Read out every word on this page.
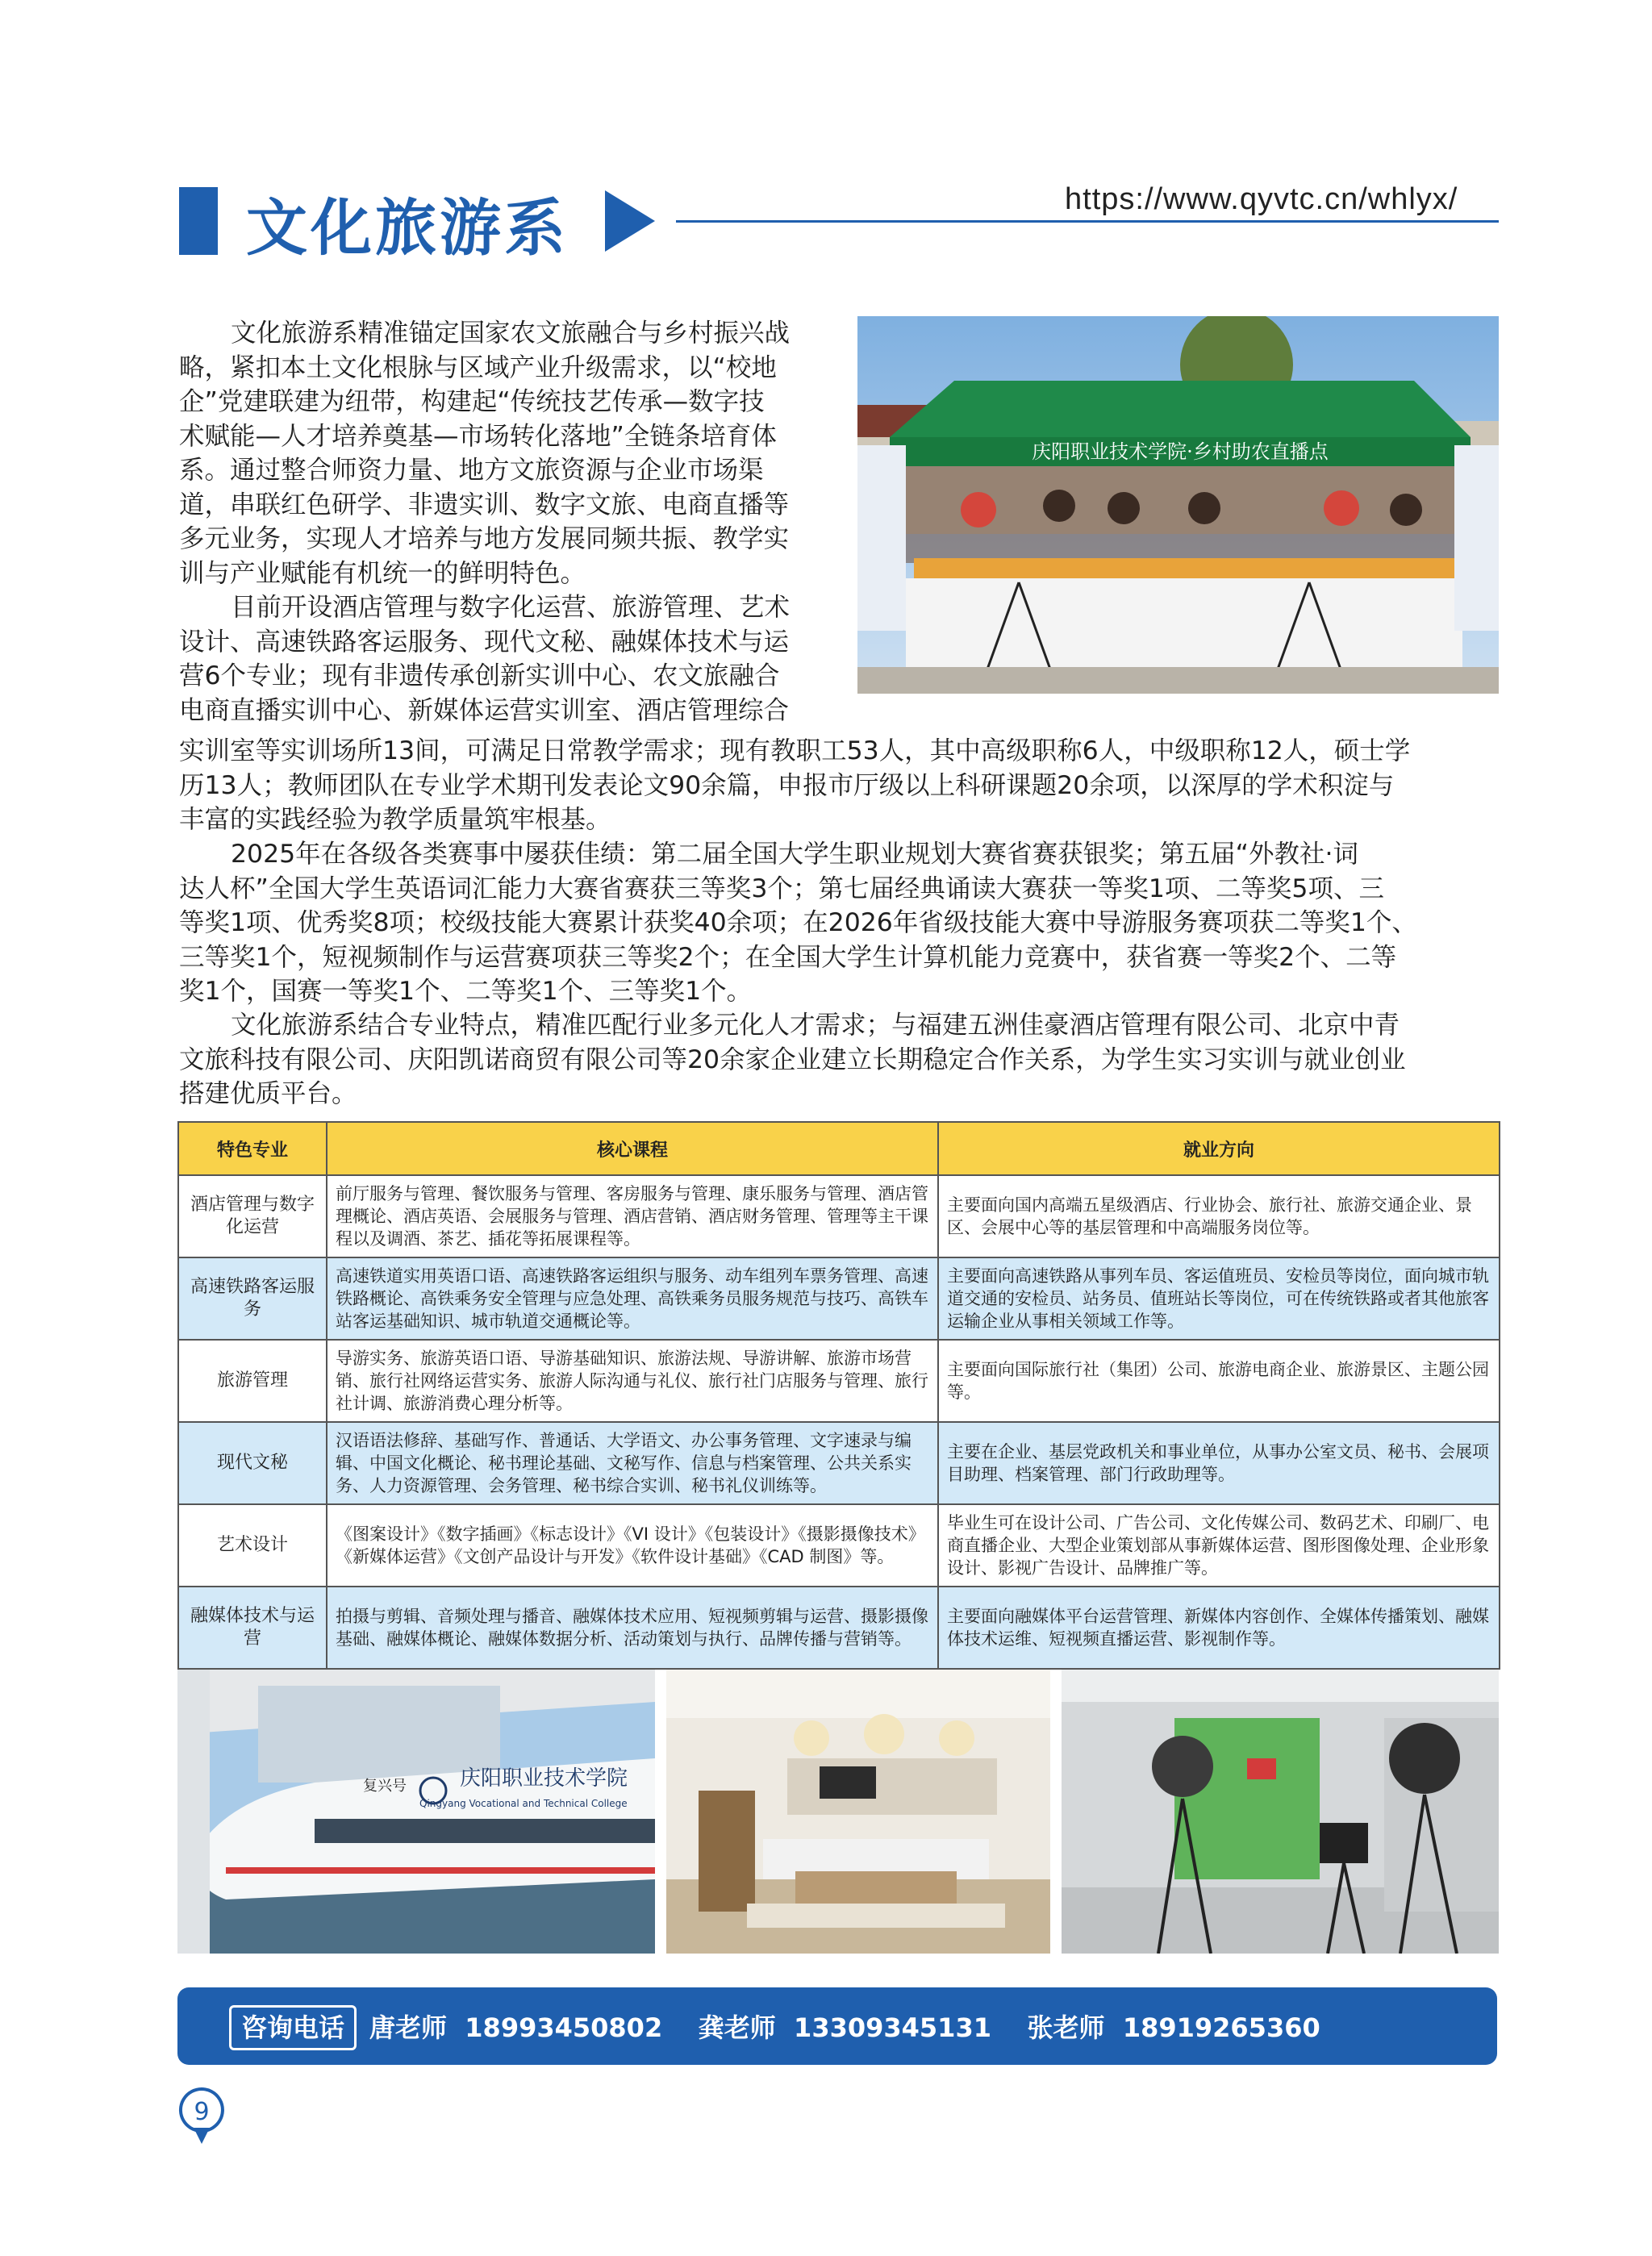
文化旅游系	https://www.qyvtc.cn/whlyx/
文化旅游系精准锚定国家农文旅融合与乡村振兴战
略，紧扣本土文化根脉与区域产业升级需求，以“校地
企”党建联建为纽带，构建起“传统技艺传承—数字技
术赋能—人才培养奠基—市场转化落地”全链条培育体
系。通过整合师资力量、地方文旅资源与企业市场渠
道，串联红色研学、非遗实训、数字文旅、电商直播等
多元业务，实现人才培养与地方发展同频共振、教学实
训与产业赋能有机统一的鲜明特色。
目前开设酒店管理与数字化运营、旅游管理、艺术
设计、高速铁路客运服务、现代文秘、融媒体技术与运
营6个专业；现有非遗传承创新实训中心、农文旅融合
电商直播实训中心、新媒体运营实训室、酒店管理综合
庆阳职业技术学院·乡村助农直播点
实训室等实训场所13间，可满足日常教学需求；现有教职工53人，其中高级职称6人，中级职称12人，硕士学
历13人；教师团队在专业学术期刊发表论文90余篇，申报市厅级以上科研课题20余项，以深厚的学术积淀与
丰富的实践经验为教学质量筑牢根基。
2025年在各级各类赛事中屡获佳绩：第二届全国大学生职业规划大赛省赛获银奖；第五届“外教社·词
达人杯”全国大学生英语词汇能力大赛省赛获三等奖3个；第七届经典诵读大赛获一等奖1项、二等奖5项、三
等奖1项、优秀奖8项；校级技能大赛累计获奖40余项；在2026年省级技能大赛中导游服务赛项获二等奖1个、
三等奖1个，短视频制作与运营赛项获三等奖2个；在全国大学生计算机能力竞赛中，获省赛一等奖2个、二等
奖1个，国赛一等奖1个、二等奖1个、三等奖1个。
文化旅游系结合专业特点，精准匹配行业多元化人才需求；与福建五洲佳豪酒店管理有限公司、北京中青
文旅科技有限公司、庆阳凯诺商贸有限公司等20余家企业建立长期稳定合作关系，为学生实习实训与就业创业
搭建优质平台。
特色专业	核心课程	就业方向
酒店管理与数字化运营	前厅服务与管理、餐饮服务与管理、客房服务与管理、康乐服务与管理、酒店管理概论、酒店英语、会展服务与管理、酒店营销、酒店财务管理、管理等主干课程以及调酒、茶艺、插花等拓展课程等。	主要面向国内高端五星级酒店、行业协会、旅行社、旅游交通企业、景区、会展中心等的基层管理和中高端服务岗位等。
高速铁路客运服务	高速铁道实用英语口语、高速铁路客运组织与服务、动车组列车票务管理、高速铁路概论、高铁乘务安全管理与应急处理、高铁乘务员服务规范与技巧、高铁车站客运基础知识、城市轨道交通概论等。	主要面向高速铁路从事列车员、客运值班员、安检员等岗位，面向城市轨道交通的安检员、站务员、值班站长等岗位，可在传统铁路或者其他旅客运输企业从事相关领域工作等。
旅游管理	导游实务、旅游英语口语、导游基础知识、旅游法规、导游讲解、旅游市场营销、旅行社网络运营实务、旅游人际沟通与礼仪、旅行社门店服务与管理、旅行社计调、旅游消费心理分析等。	主要面向国际旅行社（集团）公司、旅游电商企业、旅游景区、主题公园等。
现代文秘	汉语语法修辞、基础写作、普通话、大学语文、办公事务管理、文字速录与编辑、中国文化概论、秘书理论基础、文秘写作、信息与档案管理、公共关系实务、人力资源管理、会务管理、秘书综合实训、秘书礼仪训练等。	主要在企业、基层党政机关和事业单位，从事办公室文员、秘书、会展项目助理、档案管理、部门行政助理等。
艺术设计	《图案设计》《数字插画》《标志设计》《VI 设计》《包装设计》《摄影摄像技术》《新媒体运营》《文创产品设计与开发》《软件设计基础》《CAD 制图》等。	毕业生可在设计公司、广告公司、文化传媒公司、数码艺术、印刷厂、电商直播企业、大型企业策划部从事新媒体运营、图形图像处理、企业形象设计、影视广告设计、品牌推广等。
融媒体技术与运营	拍摄与剪辑、音频处理与播音、融媒体技术应用、短视频剪辑与运营、摄影摄像基础、融媒体概论、融媒体数据分析、活动策划与执行、品牌传播与营销等。	主要面向融媒体平台运营管理、新媒体内容创作、全媒体传播策划、融媒体技术运维、短视频直播运营、影视制作等。
复兴号	庆阳职业技术学院
Qingyang Vocational and Technical College
咨询电话 唐老师  18993450802    龚老师  13309345131    张老师  18919265360
9
